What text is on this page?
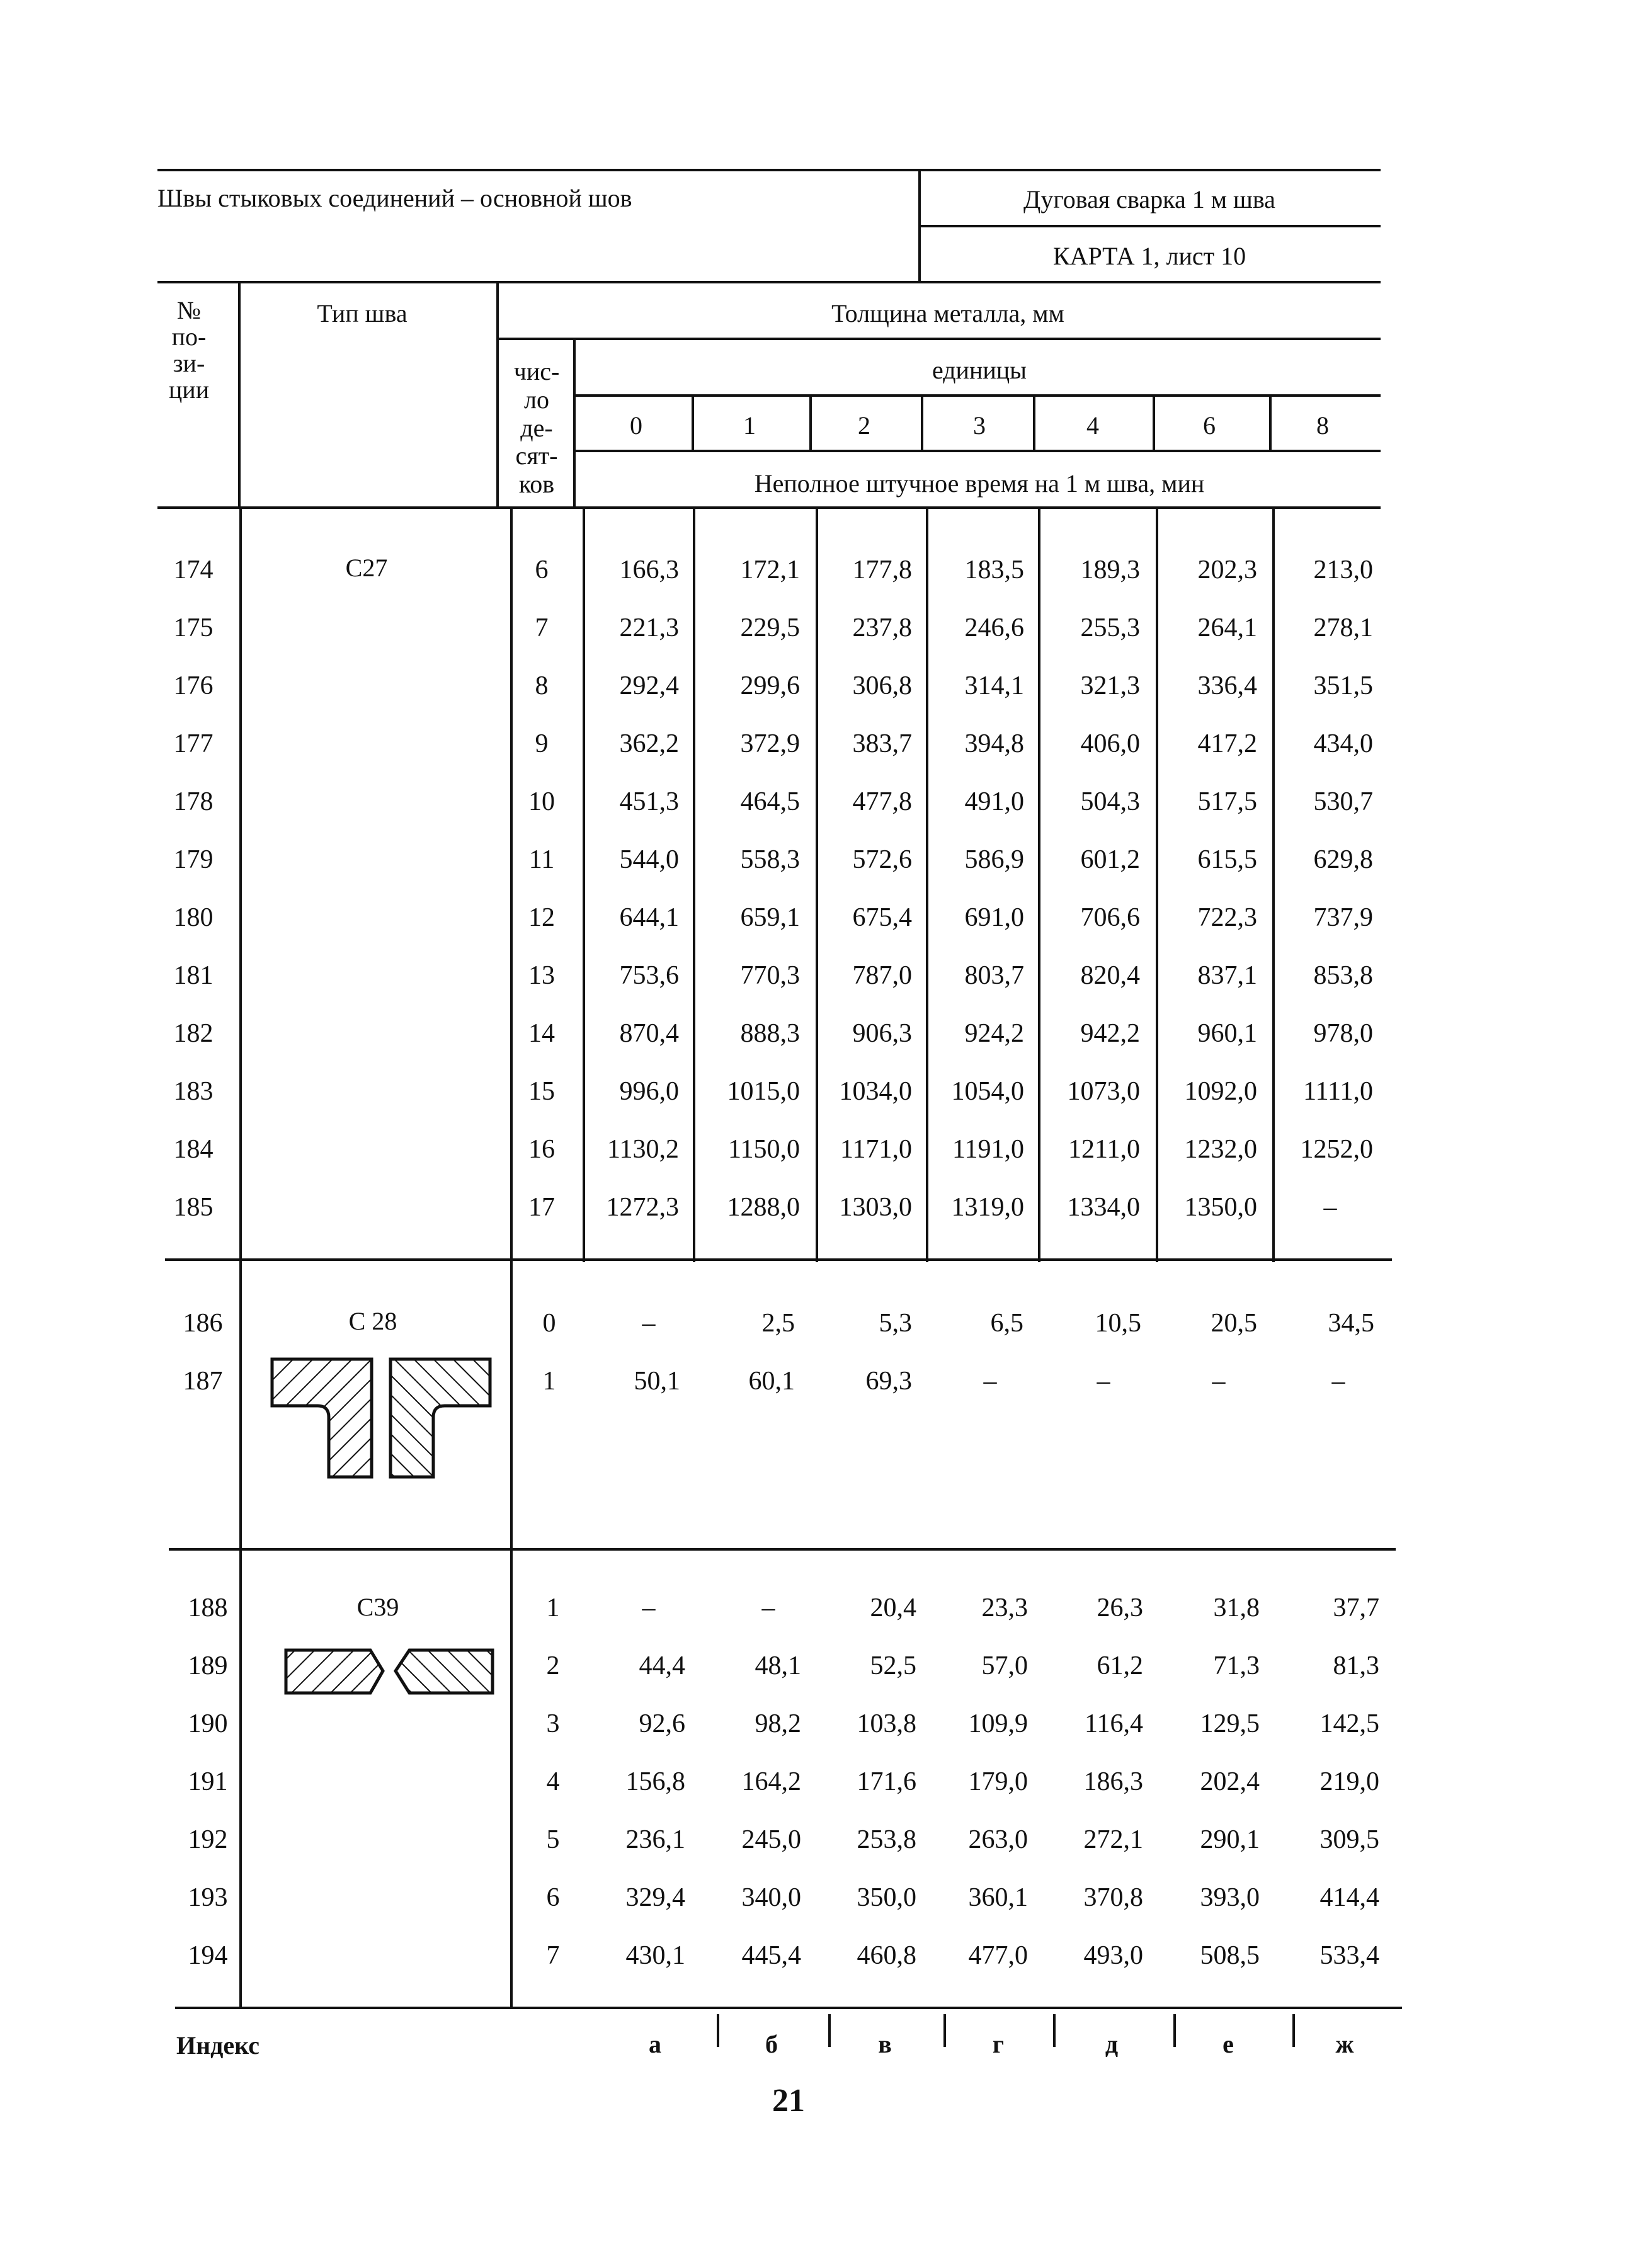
Швы стыковых соединений – основной шов	Дуговая сварка 1 м шва
КАРТА 1, лист 10
№
по-
зи-
ции
Тип шва	Толщина металла, мм
чис-
ло
де-
сят-
ков
единицы
Неполное штучное время на 1 м шва, мин
0	1	2	3	4	6	8
С27
С 28
С39
174	6	166,3 172,1 177,8 183,5 189,3 202,3 213,0
175	7	221,3 229,5 237,8 246,6 255,3 264,1 278,1
176	8	292,4 299,6 306,8 314,1 321,3 336,4 351,5
177	9	362,2 372,9 383,7 394,8 406,0 417,2 434,0
178	10 451,3 464,5 477,8 491,0 504,3 517,5 530,7
179	11 544,0 558,3 572,6 586,9 601,2 615,5 629,8
180	12 644,1 659,1 675,4 691,0 706,6 722,3 737,9
181	13 753,6 770,3 787,0 803,7 820,4 837,1 853,8
182	14 870,4 888,3 906,3 924,2 942,2 960,1 978,0
183	15 996,0 1015,0 1034,0 1054,0 1073,0 1092,0 1111,0
184	16 1130,2 1150,0 1171,0 1191,0 1211,0 1232,0 1252,0
185	17 1272,3 1288,0 1303,0 1319,0 1334,0 1350,0	–
186	0	–	2,5	5,3	6,5	10,5	20,5	34,5
187	1	50,1	60,1	69,3	–	–	–	–
188	1	–	–	20,4 23,3	26,3	31,8	37,7
189	2	44,4	48,1	52,5 57,0	61,2	71,3	81,3
190	3	92,6	98,2 103,8 109,9 116,4 129,5 142,5
191	4	156,8 164,2 171,6 179,0 186,3 202,4 219,0
192	5	236,1 245,0 253,8 263,0 272,1 290,1 309,5
193	6	329,4 340,0 350,0 360,1 370,8 393,0 414,4
194	7	430,1 445,4 460,8 477,0 493,0 508,5 533,4
Индекс	а	б	в	г	д	е	ж
21
